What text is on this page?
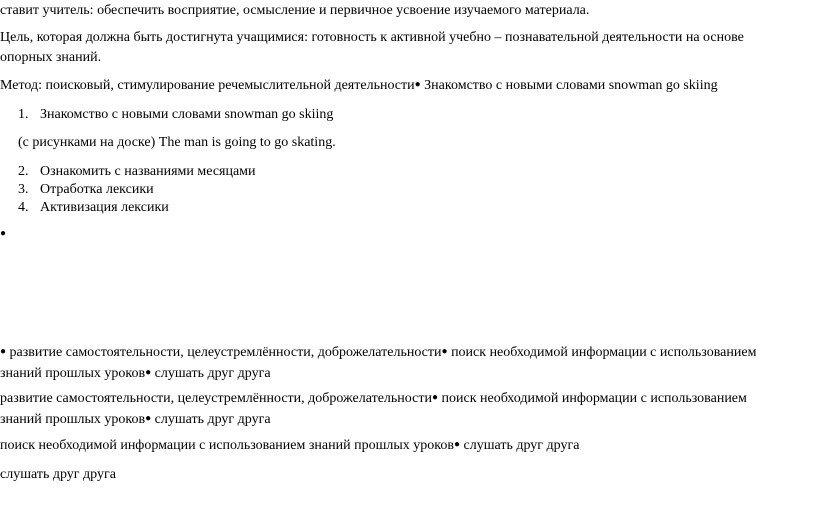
ставит учитель: обеспечить восприятие, осмысление и первичное усвоение изучаемого материала.
Цель, которая должна быть достигнута учащимися: готовность к активной учебно – познавательной деятельности на основе опорных знаний.
Метод: поисковый, стимулирование речемыслительной деятельности● Знакомство с новыми словами snowman go skiing
1. Знакомство с новыми словами snowman go skiing
(с рисунками на доске) The man is going to go skating.
2. Ознакомить с названиями месяцами
3. Отработка лексики
4. Активизация лексики
●
● развитие самостоятельности, целеустремлённости, доброжелательности● поиск необходимой информации с использованием знаний прошлых уроков● слушать друг друга
развитие самостоятельности, целеустремлённости, доброжелательности● поиск необходимой информации с использованием знаний прошлых уроков● слушать друг друга
поиск необходимой информации с использованием знаний прошлых уроков● слушать друг друга
слушать друг друга
